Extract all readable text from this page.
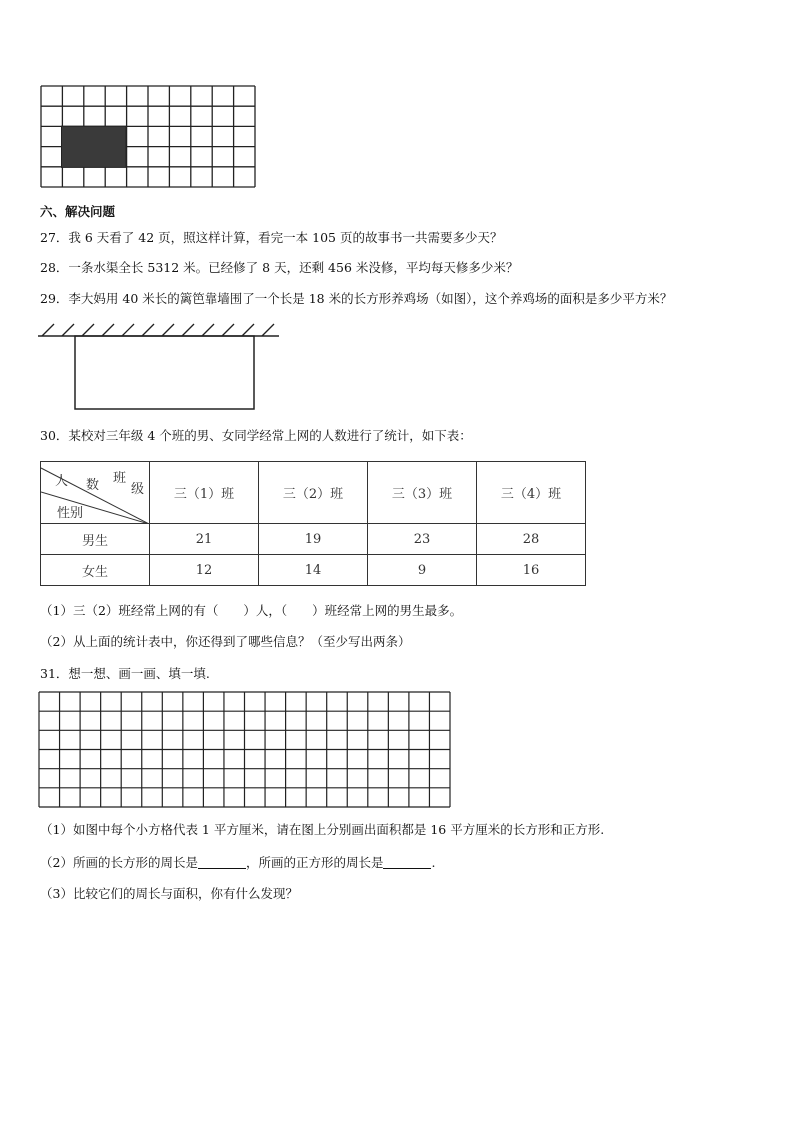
六、解决问题
27．我 6 天看了 42 页，照这样计算，看完一本 105 页的故事书一共需要多少天？
28．一条水渠全长 5312 米。已经修了 8 天，还剩 456 米没修，平均每天修多少米？
29．李大妈用 40 米长的篱笆靠墙围了一个长是 18 米的长方形养鸡场（如图），这个养鸡场的面积是多少平方米？
30．某校对三年级 4 个班的男、女同学经常上网的人数进行了统计，如下表：
人 数 班
级
性别	三（1）班	三（2）班	三（3）班	三（4）班
男生	21	19	23	28
女生	12	14	9	16
（1）三（2）班经常上网的有（　　）人，（　　）班经常上网的男生最多。
（2）从上面的统计表中，你还得到了哪些信息？（至少写出两条）
31．想一想、画一画、填一填.
（1）如图中每个小方格代表 1 平方厘米，请在图上分别画出面积都是 16 平方厘米的长方形和正方形.
（2）所画的长方形的周长是	，所画的正方形的周长是	.
（3）比较它们的周长与面积，你有什么发现？
